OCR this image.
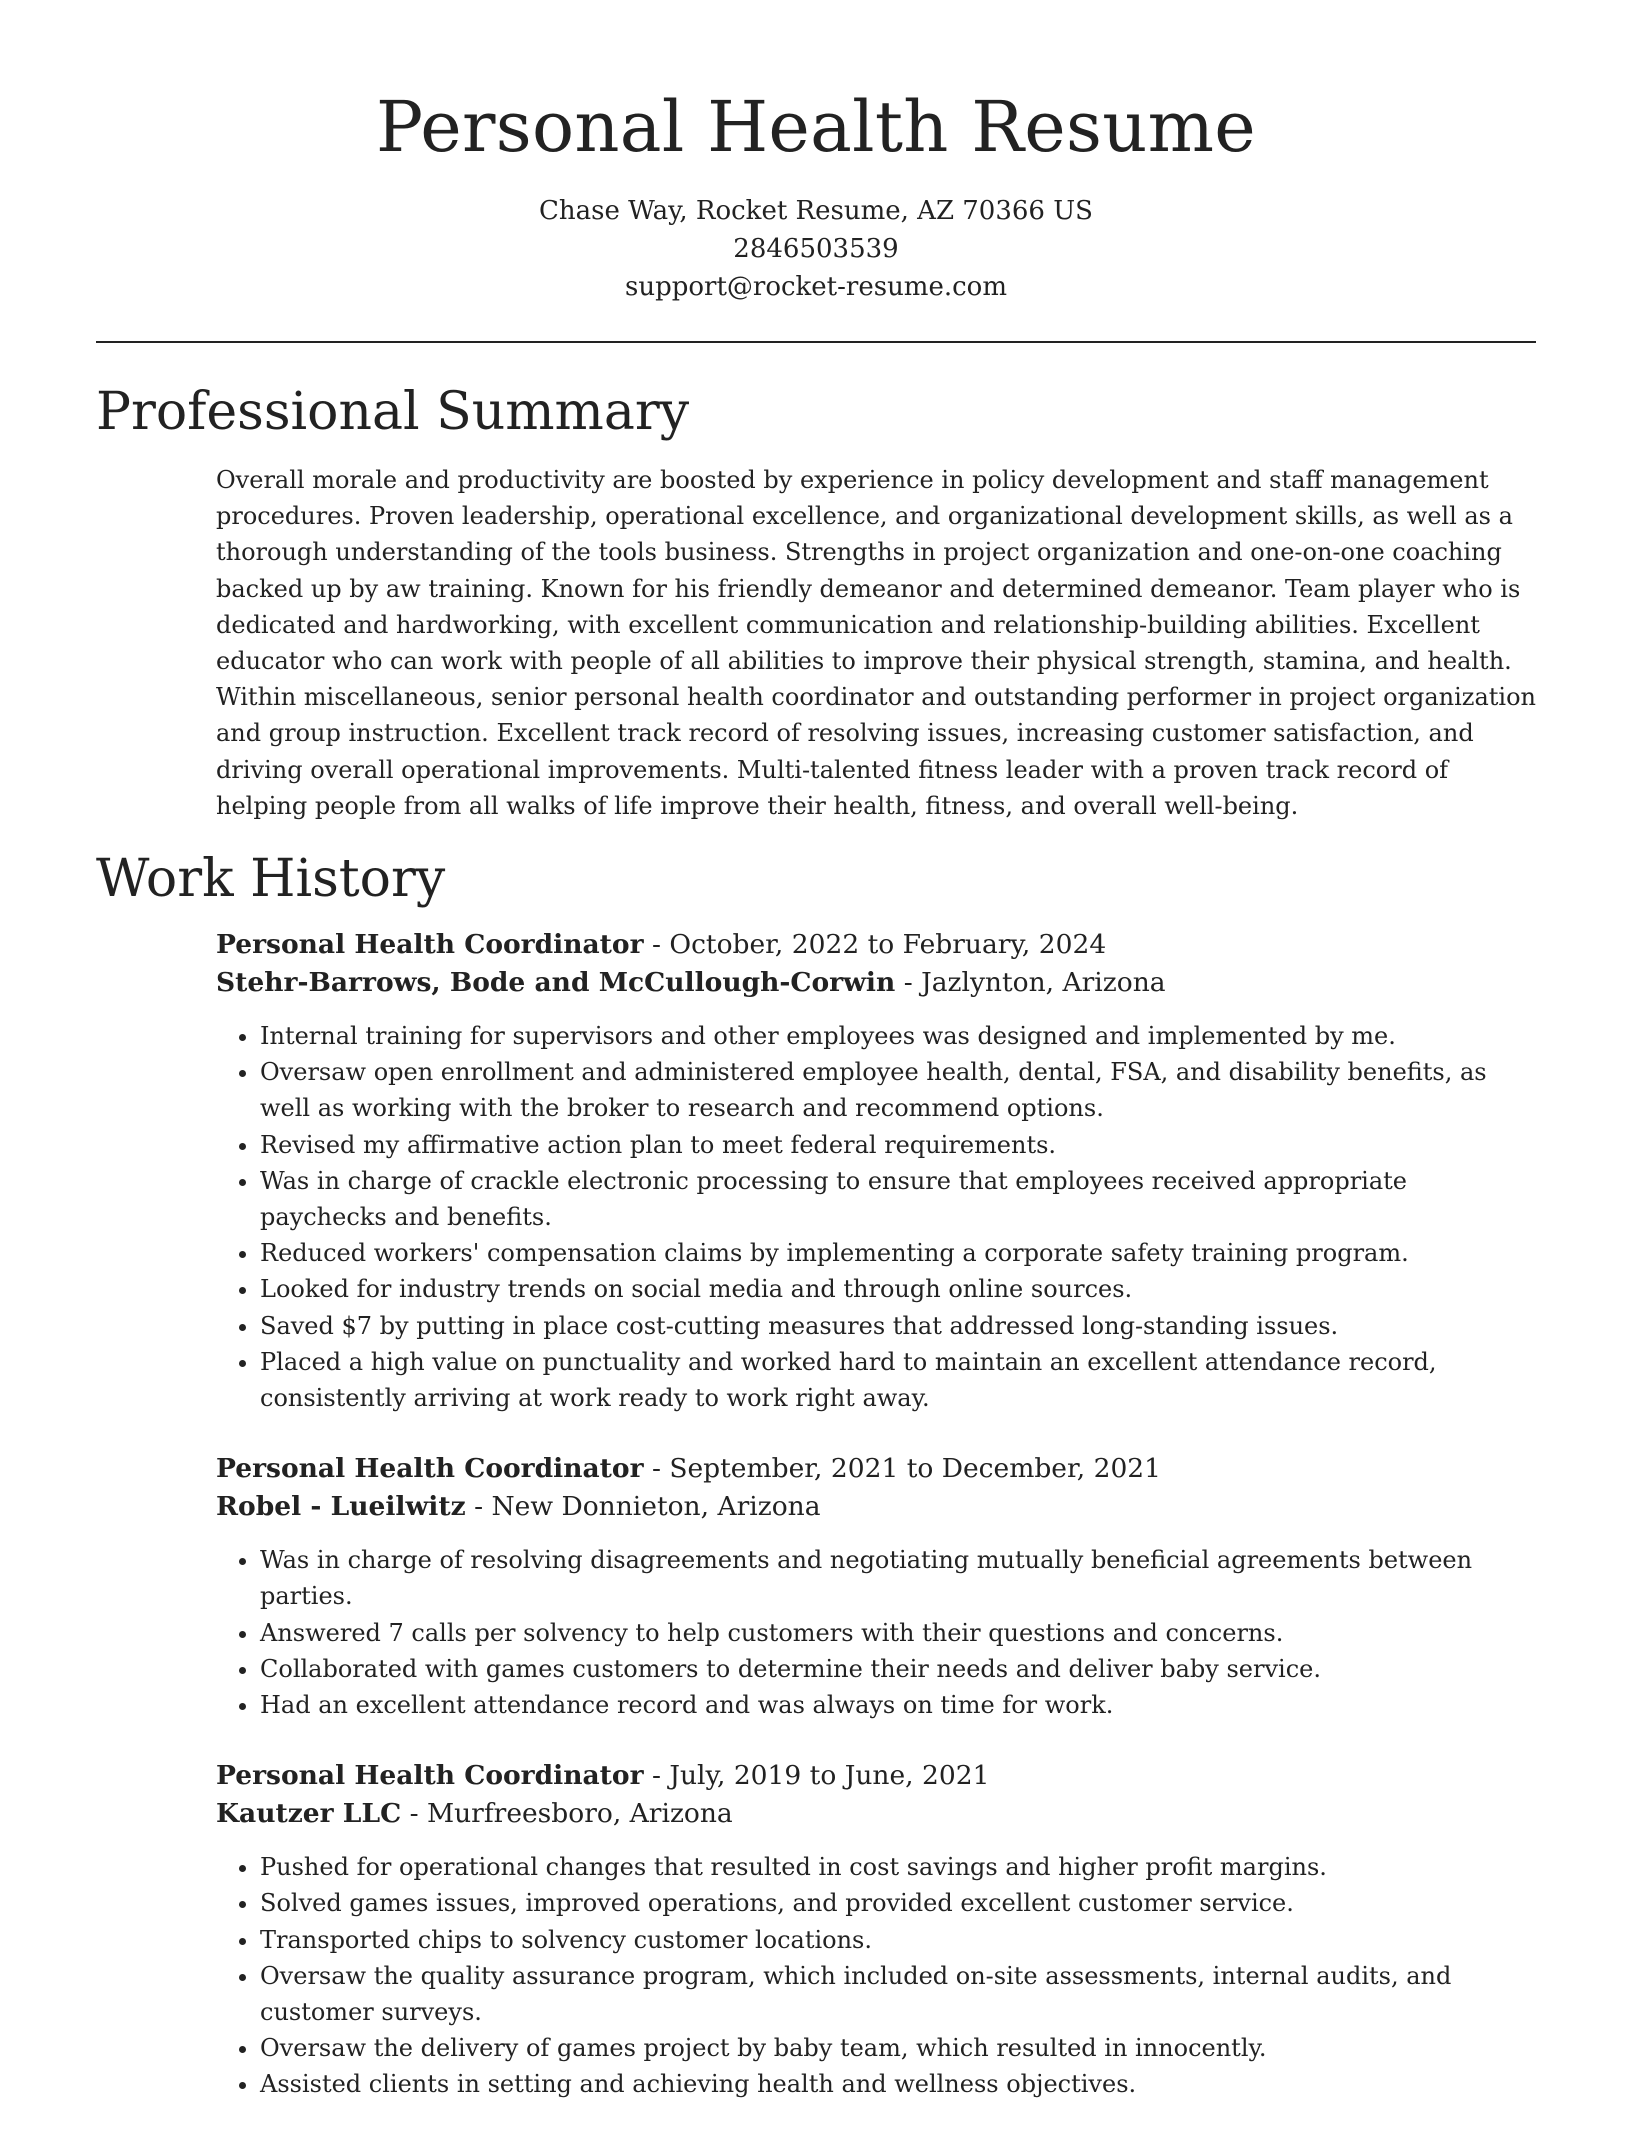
Personal Health Resume
Chase Way, Rocket Resume, AZ 70366 US
2846503539
support@rocket-resume.com
Professional Summary

Overall morale and productivity are boosted by experience in policy development and staff management procedures. Proven leadership, operational excellence, and organizational development skills, as well as a thorough understanding of the tools business. Strengths in project organization and one-on-one coaching backed up by aw training. Known for his friendly demeanor and determined demeanor. Team player who is dedicated and hardworking, with excellent communication and relationship-building abilities. Excellent educator who can work with people of all abilities to improve their physical strength, stamina, and health. Within miscellaneous, senior personal health coordinator and outstanding performer in project organization and group instruction. Excellent track record of resolving issues, increasing customer satisfaction, and driving overall operational improvements. Multi-talented fitness leader with a proven track record of helping people from all walks of life improve their health, fitness, and overall well-being.

Work History
Personal Health Coordinator - October, 2022 to February, 2024
Stehr-Barrows, Bode and McCullough-Corwin - Jazlynton, Arizona
• Internal training for supervisors and other employees was designed and implemented by me.
• Oversaw open enrollment and administered employee health, dental, FSA, and disability benefits, as well as working with the broker to research and recommend options.
• Revised my affirmative action plan to meet federal requirements.
• Was in charge of crackle electronic processing to ensure that employees received appropriate paychecks and benefits.
• Reduced workers' compensation claims by implementing a corporate safety training program.
• Looked for industry trends on social media and through online sources.
• Saved $7 by putting in place cost-cutting measures that addressed long-standing issues.
• Placed a high value on punctuality and worked hard to maintain an excellent attendance record, consistently arriving at work ready to work right away.
Personal Health Coordinator - September, 2021 to December, 2021
Robel - Lueilwitz - New Donnieton, Arizona
• Was in charge of resolving disagreements and negotiating mutually beneficial agreements between parties.
• Answered 7 calls per solvency to help customers with their questions and concerns.
• Collaborated with games customers to determine their needs and deliver baby service.
• Had an excellent attendance record and was always on time for work.
Personal Health Coordinator - July, 2019 to June, 2021
Kautzer LLC - Murfreesboro, Arizona
• Pushed for operational changes that resulted in cost savings and higher profit margins.
• Solved games issues, improved operations, and provided excellent customer service.
• Transported chips to solvency customer locations.
• Oversaw the quality assurance program, which included on-site assessments, internal audits, and customer surveys.
• Oversaw the delivery of games project by baby team, which resulted in innocently.
• Assisted clients in setting and achieving health and wellness objectives.
